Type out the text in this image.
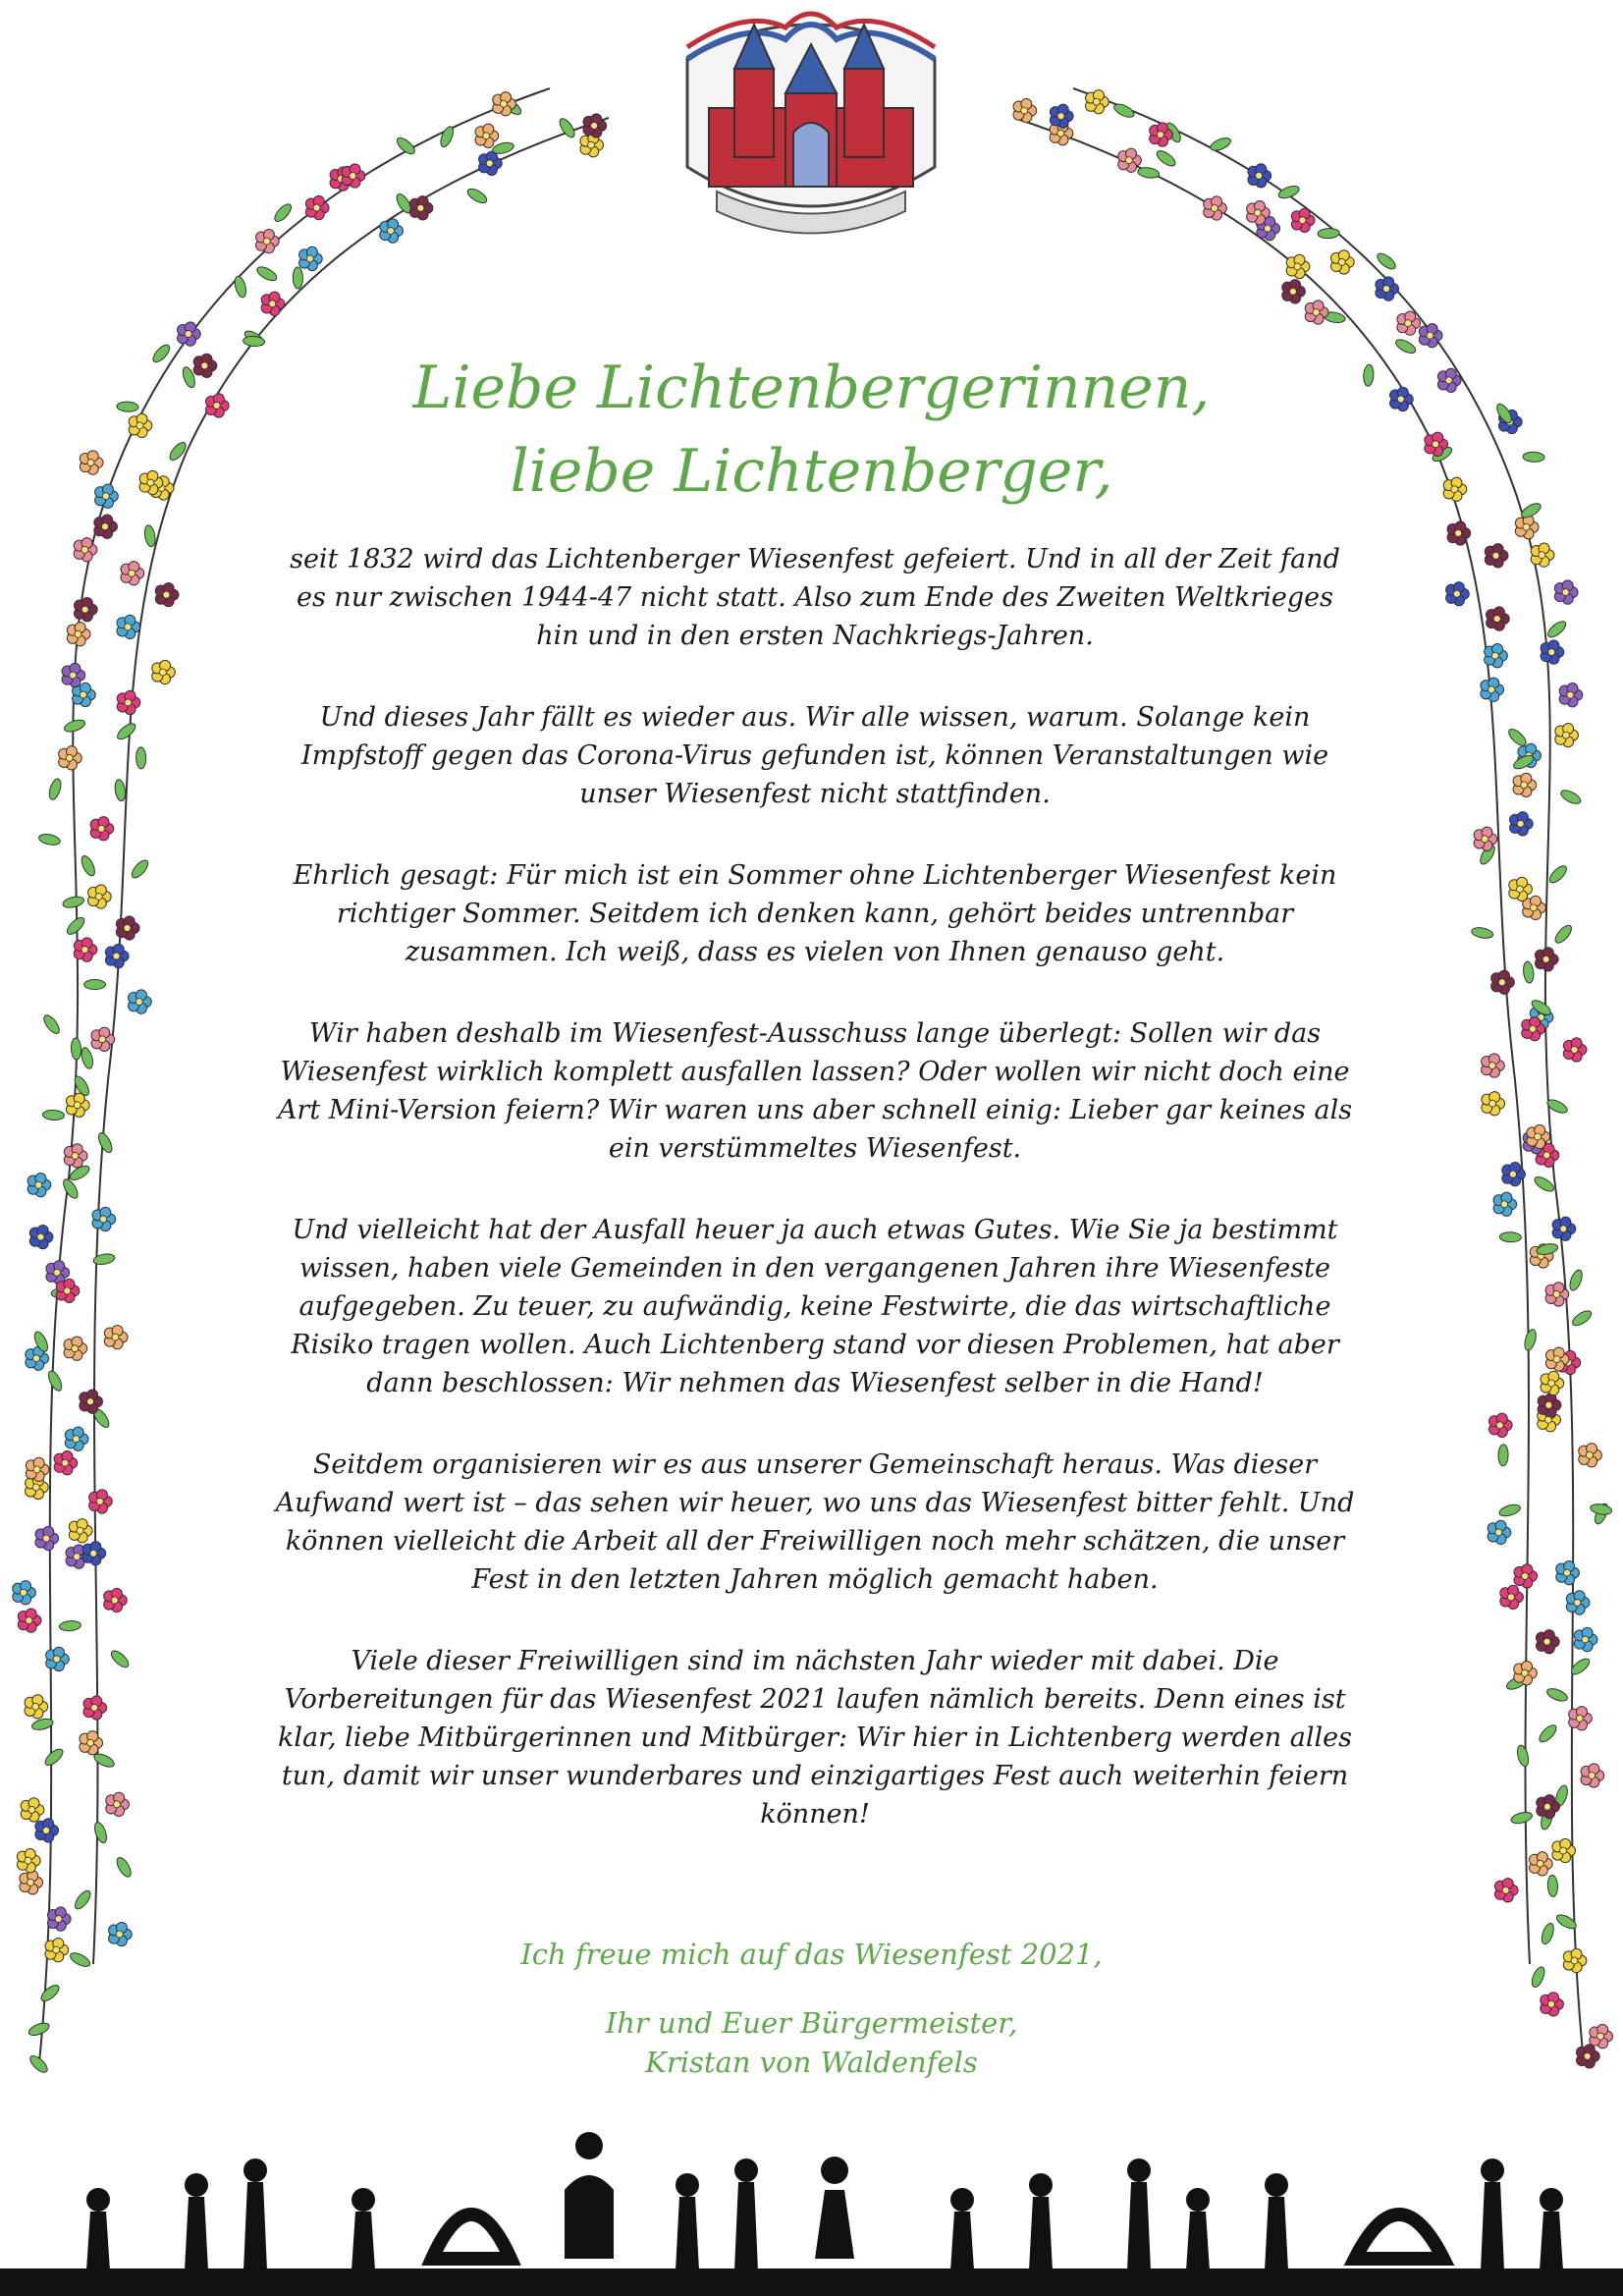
Liebe Lichtenbergerinnen,
liebe Lichtenberger,

seit 1832 wird das Lichtenberger Wiesenfest gefeiert. Und in all der Zeit fand es nur zwischen 1944-47 nicht statt. Also zum Ende des Zweiten Weltkrieges hin und in den ersten Nachkriegs-Jahren.

Und dieses Jahr fällt es wieder aus. Wir alle wissen, warum. Solange kein Impfstoff gegen das Corona-Virus gefunden ist, können Veranstaltungen wie unser Wiesenfest nicht stattfinden.

Ehrlich gesagt: Für mich ist ein Sommer ohne Lichtenberger Wiesenfest kein richtiger Sommer. Seitdem ich denken kann, gehört beides untrennbar zusammen. Ich weiß, dass es vielen von Ihnen genauso geht.

Wir haben deshalb im Wiesenfest-Ausschuss lange überlegt: Sollen wir das Wiesenfest wirklich komplett ausfallen lassen? Oder wollen wir nicht doch eine Art Mini-Version feiern? Wir waren uns aber schnell einig: Lieber gar keines als ein verstümmeltes Wiesenfest.

Und vielleicht hat der Ausfall heuer ja auch etwas Gutes. Wie Sie ja bestimmt wissen, haben viele Gemeinden in den vergangenen Jahren ihre Wiesenfeste aufgegeben. Zu teuer, zu aufwändig, keine Festwirte, die das wirtschaftliche Risiko tragen wollen. Auch Lichtenberg stand vor diesen Problemen, hat aber dann beschlossen: Wir nehmen das Wiesenfest selber in die Hand!

Seitdem organisieren wir es aus unserer Gemeinschaft heraus. Was dieser Aufwand wert ist – das sehen wir heuer, wo uns das Wiesenfest bitter fehlt. Und können vielleicht die Arbeit all der Freiwilligen noch mehr schätzen, die unser Fest in den letzten Jahren möglich gemacht haben.

Viele dieser Freiwilligen sind im nächsten Jahr wieder mit dabei. Die Vorbereitungen für das Wiesenfest 2021 laufen nämlich bereits. Denn eines ist klar, liebe Mitbürgerinnen und Mitbürger: Wir hier in Lichtenberg werden alles tun, damit wir unser wunderbares und einzigartiges Fest auch weiterhin feiern können!

Ich freue mich auf das Wiesenfest 2021,
Ihr und Euer Bürgermeister,
Kristan von Waldenfels
